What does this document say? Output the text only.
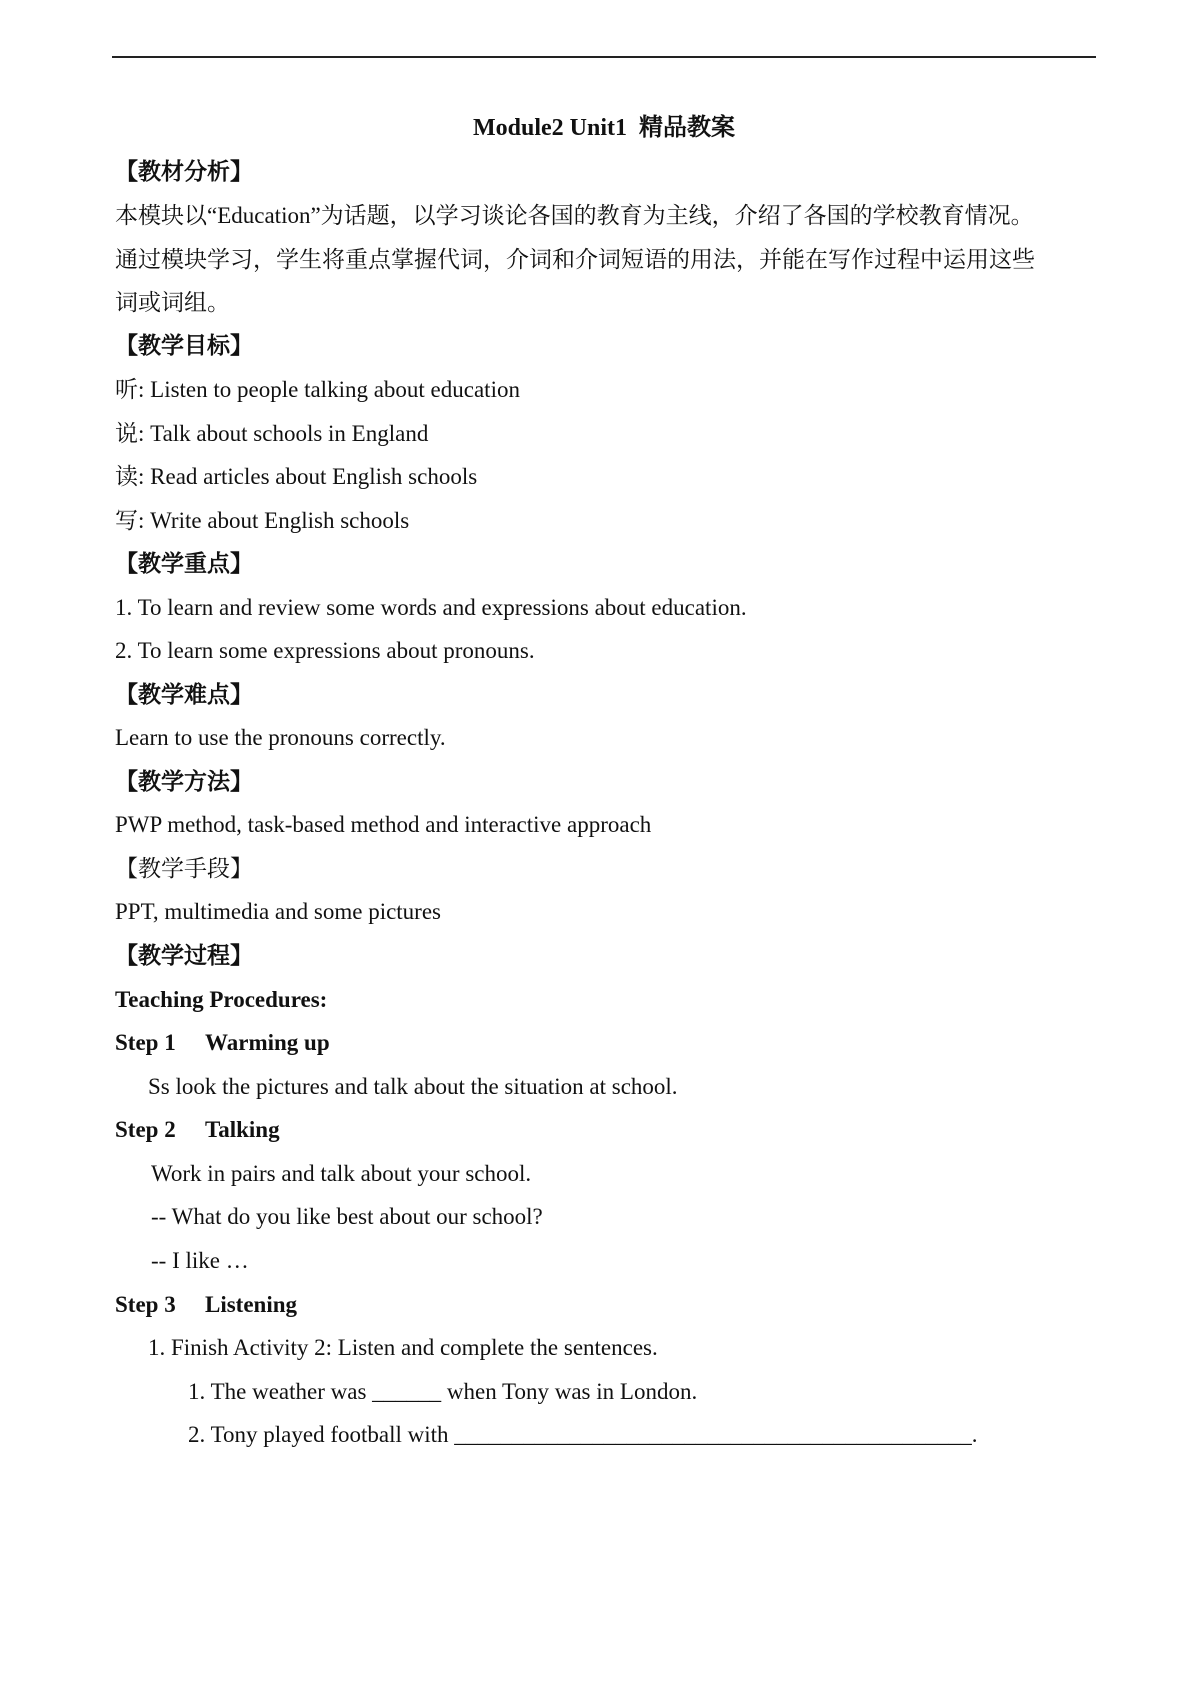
Module2 Unit1  精品教案
【教材分析】
本模块以“Education”为话题，以学习谈论各国的教育为主线，介绍了各国的学校教育情况。
通过模块学习，学生将重点掌握代词，介词和介词短语的用法，并能在写作过程中运用这些
词或词组。
【教学目标】
听: Listen to people talking about education
说: Talk about schools in England
读: Read articles about English schools
写: Write about English schools
【教学重点】
1. To learn and review some words and expressions about education.
2. To learn some expressions about pronouns.
【教学难点】
Learn to use the pronouns correctly.
【教学方法】
PWP method, task-based method and interactive approach
【教学手段】
PPT, multimedia and some pictures
【教学过程】
Teaching Procedures:
Step 1 Warming up
Ss look the pictures and talk about the situation at school.
Step 2 Talking
Work in pairs and talk about your school.
-- What do you like best about our school?
-- I like …
Step 3 Listening
1. Finish Activity 2: Listen and complete the sentences.
1. The weather was ______ when Tony was in London.
2. Tony played football with _____________________________________________.
